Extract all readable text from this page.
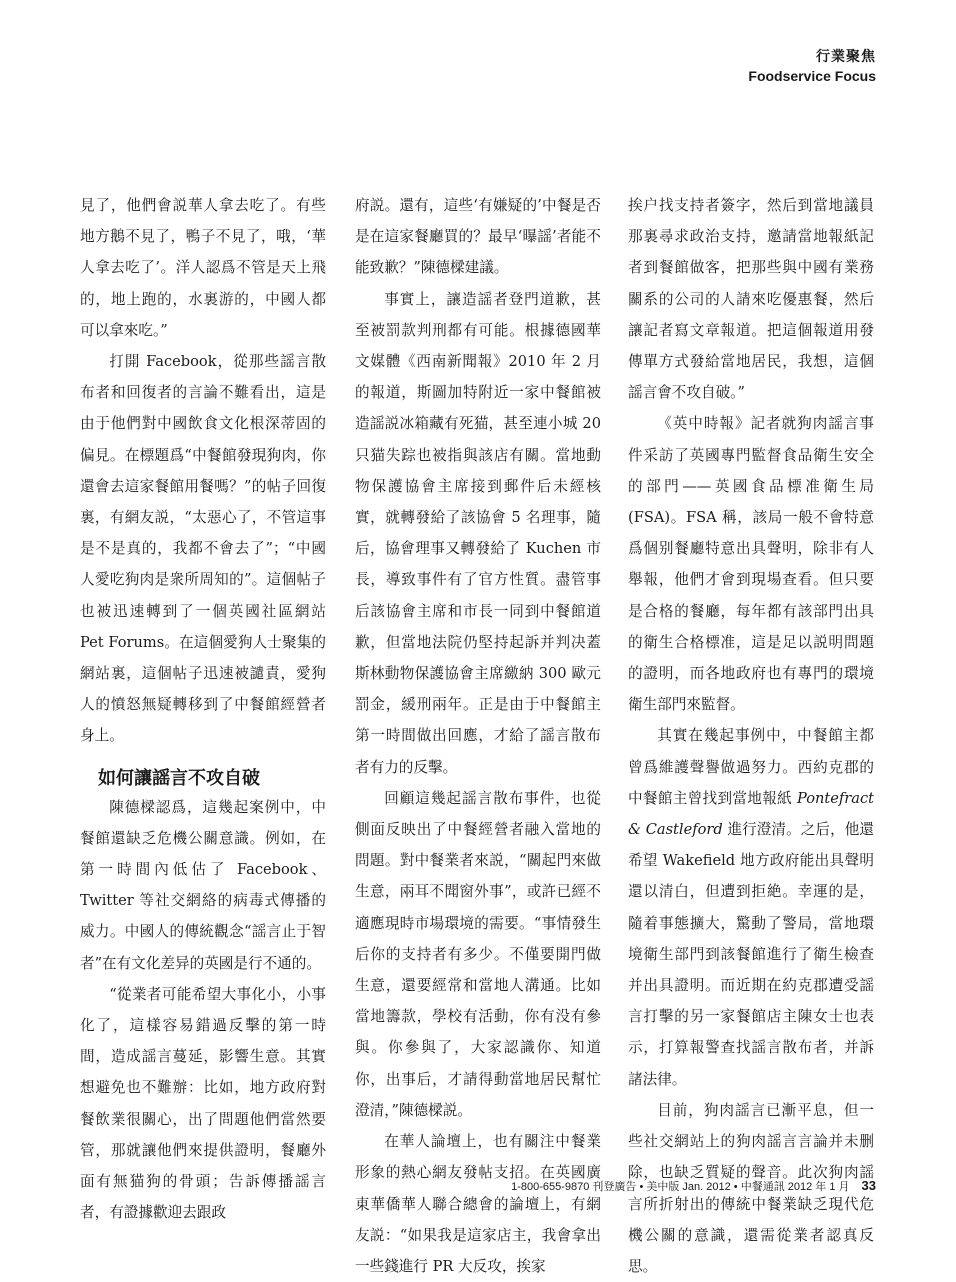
行業聚焦
Foodservice Focus

見了，他們會説華人拿去吃了。有些地方鵝不見了，鴨子不見了，哦，‘華人拿去吃了’。洋人認爲不管是天上飛的，地上跑的，水裏游的，中國人都可以拿來吃。”

打開 Facebook，從那些謡言散布者和回復者的言論不難看出，這是由于他們對中國飲食文化根深蒂固的偏見。在標題爲“中餐館發現狗肉，你還會去這家餐館用餐嗎？”的帖子回復裏，有網友説，“太惡心了，不管這事是不是真的，我都不會去了”；“中國人愛吃狗肉是衆所周知的”。這個帖子也被迅速轉到了一個英國社區網站 Pet Forums。在這個愛狗人士聚集的網站裏，這個帖子迅速被譴責，愛狗人的憤怒無疑轉移到了中餐館經營者身上。

如何讓謡言不攻自破

陳德樑認爲，這幾起案例中，中餐館還缺乏危機公關意識。例如，在第一時間內低估了 Facebook、Twitter 等社交網絡的病毒式傳播的威力。中國人的傳統觀念“謡言止于智者”在有文化差异的英國是行不通的。

“從業者可能希望大事化小，小事化了，這樣容易錯過反擊的第一時間，造成謡言蔓延，影響生意。其實想避免也不難辦：比如，地方政府對餐飲業很關心，出了問題他們當然要管，那就讓他們來提供證明，餐廳外面有無猫狗的骨頭；告訴傳播謡言者，有證據歡迎去跟政

府説。還有，這些‘有嫌疑的’中餐是否是在這家餐廳買的？最早‘曝謡’者能不能致歉？”陳德樑建議。

事實上，讓造謡者登門道歉，甚至被罰款判刑都有可能。根據德國華文媒體《西南新聞報》2010 年 2 月的報道，斯圖加特附近一家中餐館被造謡説冰箱藏有死猫，甚至連小城 20 只猫失踪也被指與該店有關。當地動物保護協會主席接到郵件后未經核實，就轉發給了該協會 5 名理事，隨后，協會理事又轉發給了 Kuchen 市長，導致事件有了官方性質。盡管事后該協會主席和市長一同到中餐館道歉，但當地法院仍堅持起訴并判决蓋斯林動物保護協會主席繳納 300 歐元罰金，緩刑兩年。正是由于中餐館主第一時間做出回應，才給了謡言散布者有力的反擊。

回顧這幾起謡言散布事件，也從側面反映出了中餐經營者融入當地的問題。對中餐業者來説，“關起門來做生意，兩耳不聞窗外事”，或許已經不適應現時市場環境的需要。“事情發生后你的支持者有多少。不僅要開門做生意，還要經常和當地人溝通。比如當地籌款，學校有活動，你有没有參與。你參與了，大家認識你、知道你，出事后，才請得動當地居民幫忙澄清，”陳德樑説。

在華人論壇上，也有關注中餐業形象的熱心網友發帖支招。在英國廣東華僑華人聯合總會的論壇上，有網友説：“如果我是這家店主，我會拿出一些錢進行 PR 大反攻，挨家

挨户找支持者簽字，然后到當地議員那裏尋求政治支持，邀請當地報紙記者到餐館做客，把那些與中國有業務關系的公司的人請來吃優惠餐，然后讓記者寫文章報道。把這個報道用發傳單方式發給當地居民，我想，這個謡言會不攻自破。”

《英中時報》記者就狗肉謡言事件采訪了英國專門監督食品衛生安全的部門——英國食品標准衛生局 (FSA)。FSA 稱，該局一般不會特意爲個别餐廳特意出具聲明，除非有人舉報，他們才會到現場查看。但只要是合格的餐廳，每年都有該部門出具的衛生合格標准，這是足以説明問題的證明，而各地政府也有專門的環境衛生部門來監督。

其實在幾起事例中，中餐館主都曾爲維護聲譽做過努力。西約克郡的中餐館主曾找到當地報紙 Pontefract & Castleford 進行澄清。之后，他還希望 Wakefield 地方政府能出具聲明還以清白，但遭到拒絶。幸運的是，隨着事態擴大，驚動了警局，當地環境衛生部門到該餐館進行了衛生檢查并出具證明。而近期在約克郡遭受謡言打擊的另一家餐館店主陳女士也表示，打算報警查找謡言散布者，并訴諸法律。

目前，狗肉謡言已漸平息，但一些社交網站上的狗肉謡言言論并未删除，也缺乏質疑的聲音。此次狗肉謡言所折射出的傳統中餐業缺乏現代危機公關的意識，還需從業者認真反思。

1-800-655-9870 刊登廣告 • 美中版 Jan. 2012 • 中餐通訊 2012 年 1 月 33
